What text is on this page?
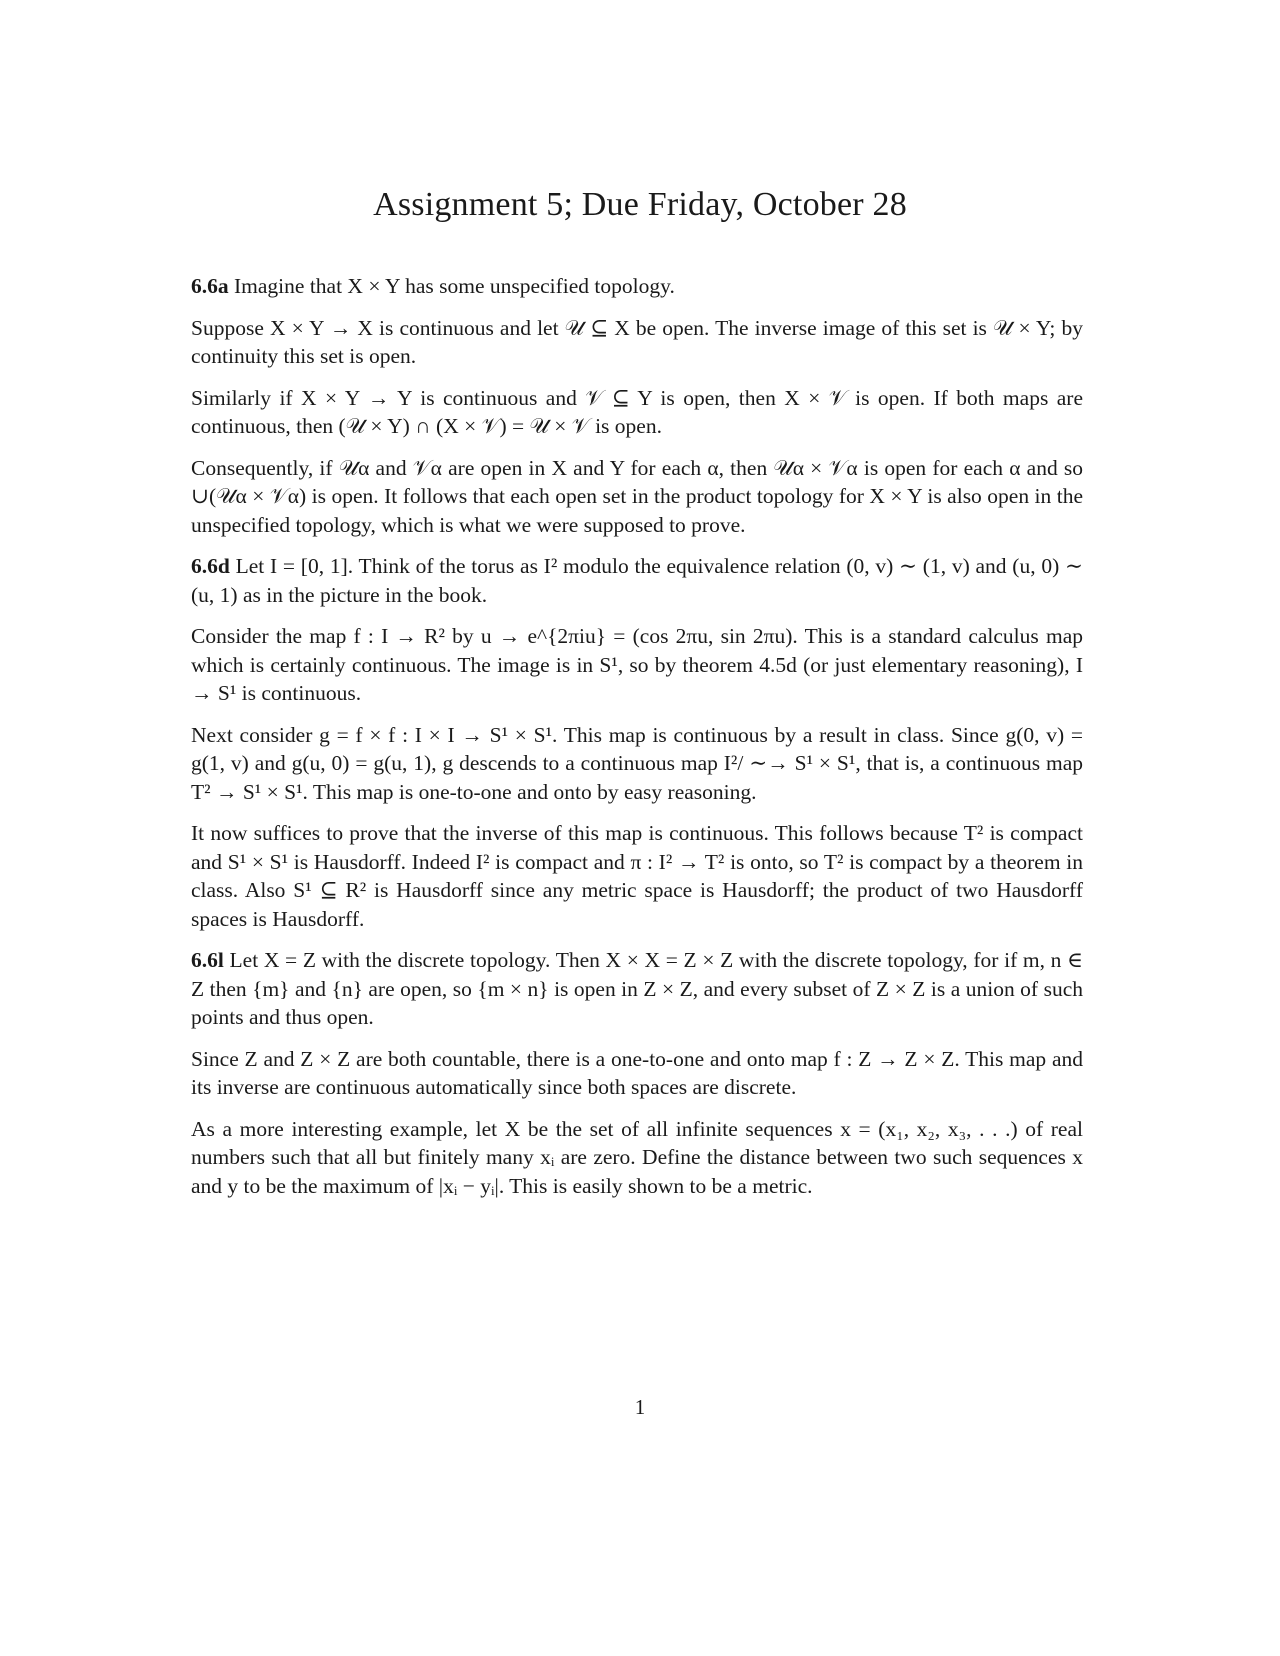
Assignment 5; Due Friday, October 28

6.6a Imagine that X × Y has some unspecified topology.

Suppose X × Y → X is continuous and let 𝒰 ⊆ X be open. The inverse image of this set is 𝒰 × Y; by continuity this set is open.

Similarly if X × Y → Y is continuous and 𝒱 ⊆ Y is open, then X × 𝒱 is open. If both maps are continuous, then (𝒰 × Y) ∩ (X × 𝒱) = 𝒰 × 𝒱 is open.

Consequently, if 𝒰α and 𝒱α are open in X and Y for each α, then 𝒰α × 𝒱α is open for each α and so ∪(𝒰α × 𝒱α) is open. It follows that each open set in the product topology for X × Y is also open in the unspecified topology, which is what we were supposed to prove.

6.6d Let I = [0, 1]. Think of the torus as I² modulo the equivalence relation (0, v) ∼ (1, v) and (u, 0) ∼ (u, 1) as in the picture in the book.

Consider the map f : I → R² by u → e^{2πiu} = (cos 2πu, sin 2πu). This is a standard calculus map which is certainly continuous. The image is in S¹, so by theorem 4.5d (or just elementary reasoning), I → S¹ is continuous.

Next consider g = f × f : I × I → S¹ × S¹. This map is continuous by a result in class. Since g(0, v) = g(1, v) and g(u, 0) = g(u, 1), g descends to a continuous map I²/ ∼→ S¹ × S¹, that is, a continuous map T² → S¹ × S¹. This map is one-to-one and onto by easy reasoning.

It now suffices to prove that the inverse of this map is continuous. This follows because T² is compact and S¹ × S¹ is Hausdorff. Indeed I² is compact and π : I² → T² is onto, so T² is compact by a theorem in class. Also S¹ ⊆ R² is Hausdorff since any metric space is Hausdorff; the product of two Hausdorff spaces is Hausdorff.

6.6l Let X = Z with the discrete topology. Then X × X = Z × Z with the discrete topology, for if m, n ∈ Z then {m} and {n} are open, so {m × n} is open in Z × Z, and every subset of Z × Z is a union of such points and thus open.

Since Z and Z × Z are both countable, there is a one-to-one and onto map f : Z → Z × Z. This map and its inverse are continuous automatically since both spaces are discrete.

As a more interesting example, let X be the set of all infinite sequences x = (x₁, x₂, x₃, . . .) of real numbers such that all but finitely many xᵢ are zero. Define the distance between two such sequences x and y to be the maximum of |xᵢ − yᵢ|. This is easily shown to be a metric.

1
